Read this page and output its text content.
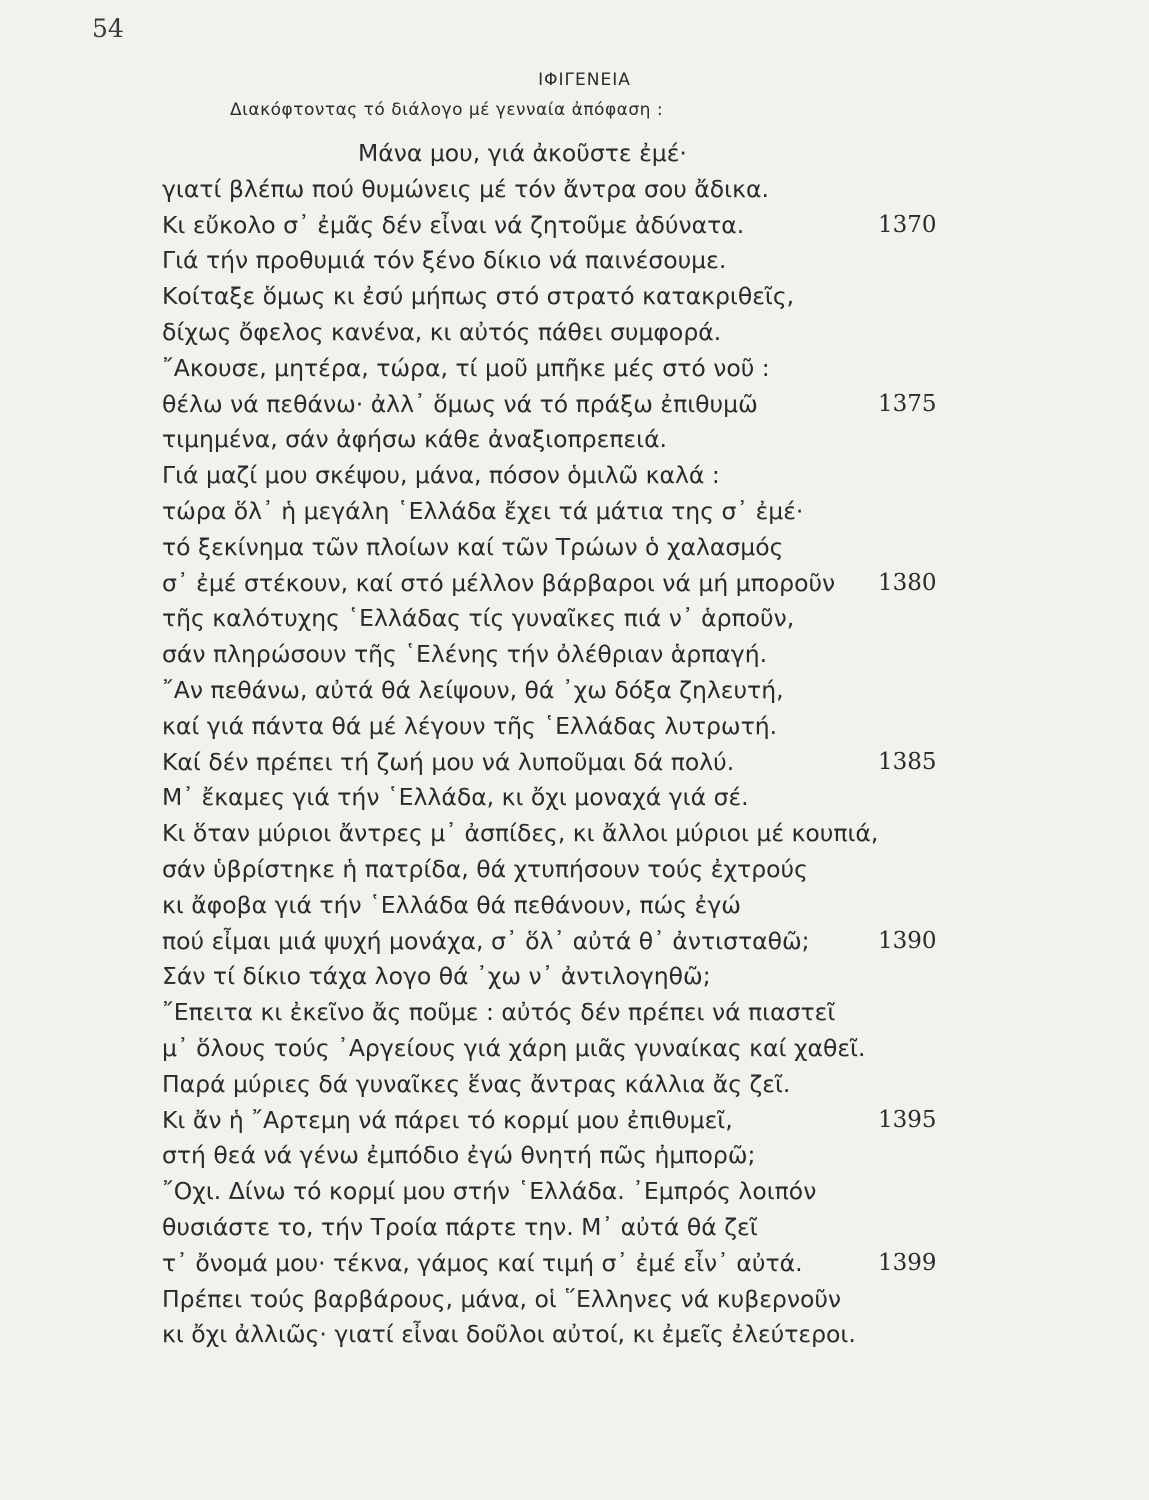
54
ΙΦΙΓΕΝΕΙΑ
Διακόφτοντας τό διάλογο μέ γενναία ἀπόφαση :
Μάνα μου, γιά ἀκοῦστε ἐμέ·
γιατί βλέπω πού θυμώνεις μέ τόν ἄντρα σου ἄδικα.
Κι εὔκολο σ᾽ ἐμᾶς δέν εἶναι νά ζητοῦμε ἀδύνατα.	1370
Γιά τήν προθυμιά τόν ξένο δίκιο νά παινέσουμε.
Κοίταξε ὅμως κι ἐσύ μήπως στό στρατό κατακριθεῖς,
δίχως ὄφελος κανένα, κι αὐτός πάθει συμφορά.
῎Ακουσε, μητέρα, τώρα, τί μοῦ μπῆκε μές στό νοῦ :
θέλω νά πεθάνω· ἀλλ᾽ ὅμως νά τό πράξω ἐπιθυμῶ	1375
τιμημένα, σάν ἀφήσω κάθε ἀναξιοπρεπειά.
Γιά μαζί μου σκέψου, μάνα, πόσον ὁμιλῶ καλά :
τώρα ὅλ᾽ ἡ μεγάλη ῾Ελλάδα ἔχει τά μάτια της σ᾽ ἐμέ·
τό ξεκίνημα τῶν πλοίων καί τῶν Τρώων ὁ χαλασμός
σ᾽ ἐμέ στέκουν, καί στό μέλλον βάρβαροι νά μή μποροῦν 1380
τῆς καλότυχης ῾Ελλάδας τίς γυναῖκες πιά ν᾽ ἁρποῦν,
σάν πληρώσουν τῆς ῾Ελένης τήν ὀλέθριαν ἁρπαγή.
῎Αν πεθάνω, αὐτά θά λείψουν, θά ᾽χω δόξα ζηλευτή,
καί γιά πάντα θά μέ λέγουν τῆς ῾Ελλάδας λυτρωτή.
Καί δέν πρέπει τή ζωή μου νά λυποῦμαι δά πολύ.	1385
Μ᾽ ἔκαμες γιά τήν ῾Ελλάδα, κι ὄχι μοναχά γιά σέ.
Κι ὅταν μύριοι ἄντρες μ᾽ ἀσπίδες, κι ἄλλοι μύριοι μέ κουπιά,
σάν ὑβρίστηκε ἡ πατρίδα, θά χτυπήσουν τούς ἐχτρούς
κι ἄφοβα γιά τήν ῾Ελλάδα θά πεθάνουν, πώς ἐγώ
πού εἶμαι μιά ψυχή μονάχα, σ᾽ ὅλ᾽ αὐτά θ᾽ ἀντισταθῶ;	1390
Σάν τί δίκιο τάχα λογο θά ᾽χω ν᾽ ἀντιλογηθῶ;
῎Επειτα κι ἐκεῖνο ἄς ποῦμε : αὐτός δέν πρέπει νά πιαστεῖ
μ᾽ ὅλους τούς ᾽Αργείους γιά χάρη μιᾶς γυναίκας καί χαθεῖ.
Παρά μύριες δά γυναῖκες ἕνας ἄντρας κάλλια ἄς ζεῖ.
Κι ἄν ἡ ῎Αρτεμη νά πάρει τό κορμί μου ἐπιθυμεῖ,	1395
στή θεά νά γένω ἐμπόδιο ἐγώ θνητή πῶς ἠμπορῶ;
῎Οχι. Δίνω τό κορμί μου στήν ῾Ελλάδα. ᾽Εμπρός λοιπόν
θυσιάστε το, τήν Τροία πάρτε την. Μ᾽ αὐτά θά ζεῖ
τ᾽ ὄνομά μου· τέκνα, γάμος καί τιμή σ᾽ ἐμέ εἶν᾽ αὐτά.	1399
Πρέπει τούς βαρβάρους, μάνα, οἱ ῞Ελληνες νά κυβερνοῦν
κι ὄχι ἀλλιῶς· γιατί εἶναι δοῦλοι αὐτοί, κι ἐμεῖς ἐλεύτεροι.
